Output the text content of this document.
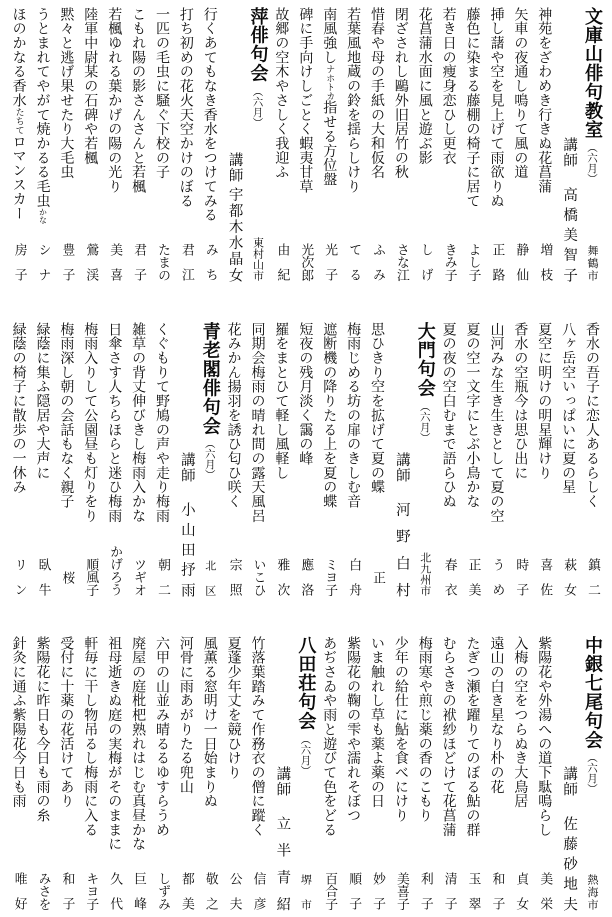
文庫山俳句教室（六月）
舞鶴市
講師
高橋美智子
神苑をざわめき行きぬ花菖蒲
増枝
矢車の夜通し鳴りて風の道
静仙
挿し藷や空を見上げて雨欲りぬ
正路
藤色に染まる藤棚の椅子に居て
よし子
若き日の痩身恋ひし更衣
きみ子
花菖蒲水面に風と遊ぶ影
しげ
閉ざされし鷗外旧居竹の秋
さな江
惜春や母の手紙の大和仮名
ふみ
若葉風地蔵の鈴を揺らしけり
てる
南風強しナホトカ指せる方位盤
光子
碑に手向けしごとく蝦夷甘草
光次郎
故郷の空木やさしく我迎ふ
由紀
萍俳句会（六月）
東村山市
講師
宇都木水晶女
行くあてもなき香水をつけてみる
みち
打ち初めの花火天空かけのぼる
君江
一匹の毛虫に騒ぐ下校の子
たまの
こもれ陽の影さんさんと若楓
君子
若楓ゆれる葉かげの陽の光り
美喜
陸軍中尉某の石碑や若楓
鶯渓
黙々と逃げ果せたり大毛虫
豊子
うとまれてやがて焼かるる毛虫かな
シナ
ほのかなる香水たちてロマンスカー
房子
香水の吾子に恋人あるらしく
鎮二
八ヶ岳空いっぱいに夏の星
萩女
夏空に明けの明星輝けり
喜佐
香水の空瓶今は思ひ出に
時子
山河みな生き生きとして夏の空
うめ
夏の空一文字にとぶ小鳥かな
正美
夏の夜の空白むまで語らひぬ
春衣
大門句会（六月）
北九州市
講師
河野白村
思ひきり空を拡げて夏の蝶
正
梅雨じめる坊の扉のきしむ音
白舟
遮断機の降りたる上を夏の蝶
ミヨ子
短夜の残月淡く靄の峰
應洛
羅をまとひて軽し風軽し
雅次
同期会梅雨の晴れ間の露天風呂
いこひ
花みかん揚羽を誘ひ匂ひ咲く
宗照
青老閣俳句会（六月）
北区
講師
小山田抒雨
くぐもりて野鳩の声や走り梅雨
朝二
雑草の背丈伸びきし梅雨入かな
ツギオ
日傘さす人ちらほらと迷ひ梅雨
かげろう
梅雨入りして公園昼も灯りをり
順風子
梅雨深し朝の会話もなく親子
桜
緑蔭に集ふ隠居や大声に
臥牛
緑蔭の椅子に散歩の一休み
リン
中銀七尾句会（六月）
熱海市
講師
佐藤砂地夫
紫陽花や外湯への道下駄鳴らし
美栄
入梅の空をつらぬき大鳥居
貞女
遠山の白き星なり朴の花
和子
たぎつ瀬を躍りてのぼる鮎の群
玉翠
むらさきの袱紗ほどけて花菖蒲
清子
梅雨寒や煎じ薬の香のこもり
利子
少年の給仕に鮎を食べにけり
美喜子
いま触れし草も薬よ薬の日
妙子
紫陽花の鞠の雫や濡れそぼつ
順子
あぢさゐや雨と遊びて色をどる
百合子
八田荘句会（六月）
堺市
講師
立半青紹
竹落葉踏みて作務衣の僧に蹤く
信彦
夏蓬少年丈を競ひけり
公夫
風薫る窓明け一日始まりぬ
敬之
河骨に雨あがりたる兜山
都美
六甲の山並み晴るるゆすらうめ
しずみ
廃屋の庭枇杷熟れはじむ真昼かな
巨峰
祖母逝きぬ庭の実梅がそのままに
久代
軒毎に干し物吊るし梅雨に入る
キヨ子
受付に十薬の花活けてあり
和子
紫陽花に昨日も今日も雨の糸
みさを
針灸に通ふ紫陽花今日も雨
唯好
